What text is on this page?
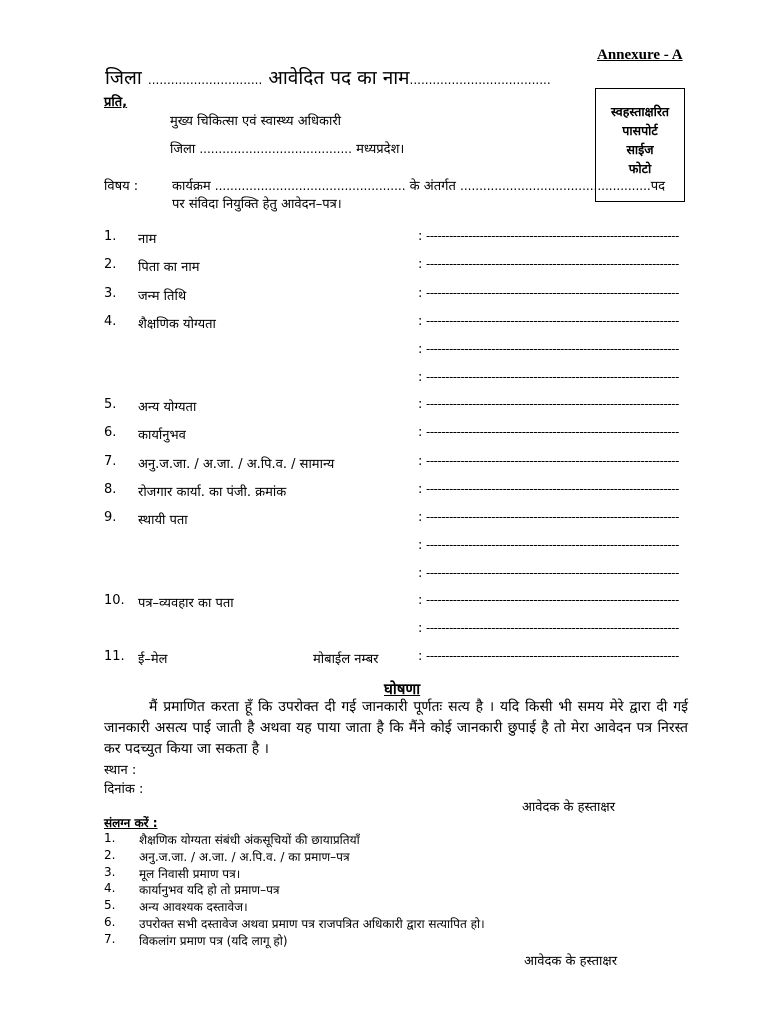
Annexure - A
जिला .............................. आवेदित पद का नाम.....................................
प्रति,
मुख्य चिकित्सा एवं स्वास्थ्य अधिकारी
जिला ........................................ मध्यप्रदेश।
स्वहस्ताक्षरित
पासपोर्ट
साईज
फोटो
विषय :	कार्यक्रम .................................................. के अंतर्गत ..................................................पद
पर संविदा नियुक्ति हेतु आवेदन–पत्र।
1. नाम	: ------------------------------------------------------------------
2. पिता का नाम	: ------------------------------------------------------------------
3. जन्म तिथि	: ------------------------------------------------------------------
4. शैक्षणिक योग्यता	: ------------------------------------------------------------------
: ------------------------------------------------------------------
: ------------------------------------------------------------------
5. अन्य योग्यता	: ------------------------------------------------------------------
6. कार्यानुभव	: ------------------------------------------------------------------
7. अनु.ज.जा. / अ.जा. / अ.पि.व. / सामान्य	: ------------------------------------------------------------------
8. रोजगार कार्या. का पंजी. क्रमांक	: ------------------------------------------------------------------
9. स्थायी पता	: ------------------------------------------------------------------
: ------------------------------------------------------------------
: ------------------------------------------------------------------
10. पत्र–व्यवहार का पता	: ------------------------------------------------------------------
: ------------------------------------------------------------------
11. ई–मेल	मोबाईल नम्बर	: ------------------------------------------------------------------
घोषणा
मैं प्रमाणित करता हूँ कि उपरोक्त दी गई जानकारी पूर्णतः सत्य है । यदि किसी भी समय मेरे द्वारा दी गई जानकारी असत्य पाई जाती है अथवा यह पाया जाता है कि मैंने कोई जानकारी छुपाई है तो मेरा आवेदन पत्र निरस्त कर पदच्युत किया जा सकता है ।
स्थान :
दिनांक :
आवेदक के हस्ताक्षर
संलग्न करें :
1. शैक्षणिक योग्यता संबंधी अंकसूचियों की छायाप्रतियाँ
2. अनु.ज.जा. / अ.जा. / अ.पि.व. / का प्रमाण–पत्र
3. मूल निवासी प्रमाण पत्र।
4. कार्यानुभव यदि हो तो प्रमाण–पत्र
5. अन्य आवश्यक दस्तावेज।
6. उपरोक्त सभी दस्तावेज अथवा प्रमाण पत्र राजपत्रित अधिकारी द्वारा सत्यापित हो।
7. विकलांग प्रमाण पत्र (यदि लागू हो)
आवेदक के हस्ताक्षर
